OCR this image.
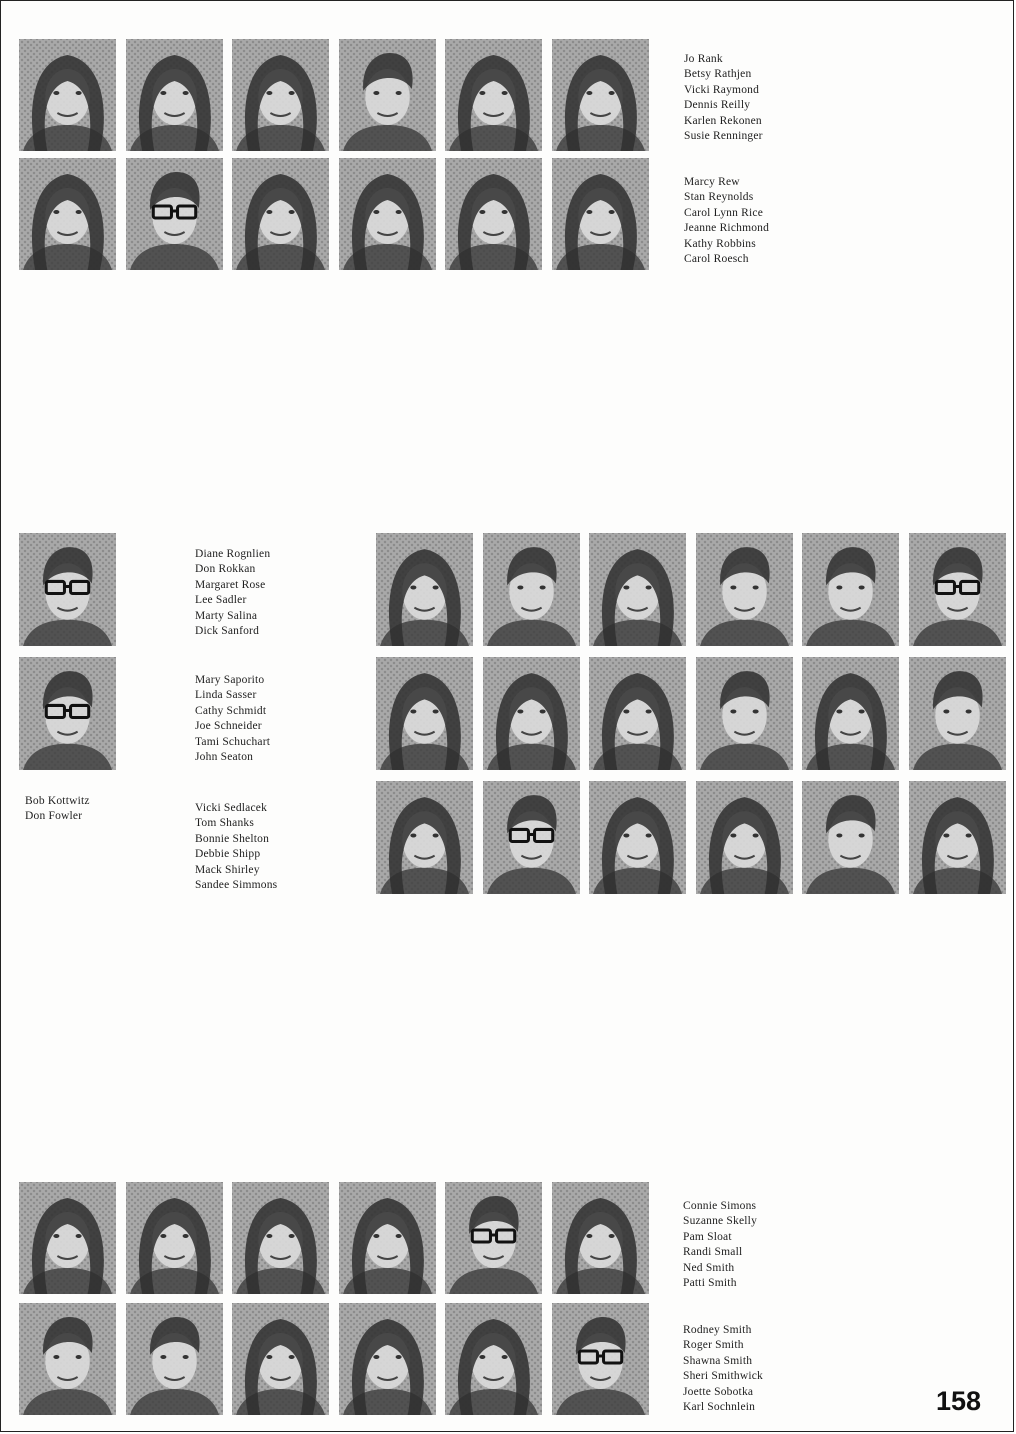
Jo Rank
Betsy Rathjen
Vicki Raymond
Dennis Reilly
Karlen Rekonen
Susie Renninger
Marcy Rew
Stan Reynolds
Carol Lynn Rice
Jeanne Richmond
Kathy Robbins
Carol Roesch
Bob Kottwitz
Don Fowler
Diane Rognlien
Don Rokkan
Margaret Rose
Lee Sadler
Marty Salina
Dick Sanford
Mary Saporito
Linda Sasser
Cathy Schmidt
Joe Schneider
Tami Schuchart
John Seaton
Vicki Sedlacek
Tom Shanks
Bonnie Shelton
Debbie Shipp
Mack Shirley
Sandee Simmons
Connie Simons
Suzanne Skelly
Pam Sloat
Randi Small
Ned Smith
Patti Smith
Rodney Smith
Roger Smith
Shawna Smith
Sheri Smithwick
Joette Sobotka
Karl Sochnlein	158
